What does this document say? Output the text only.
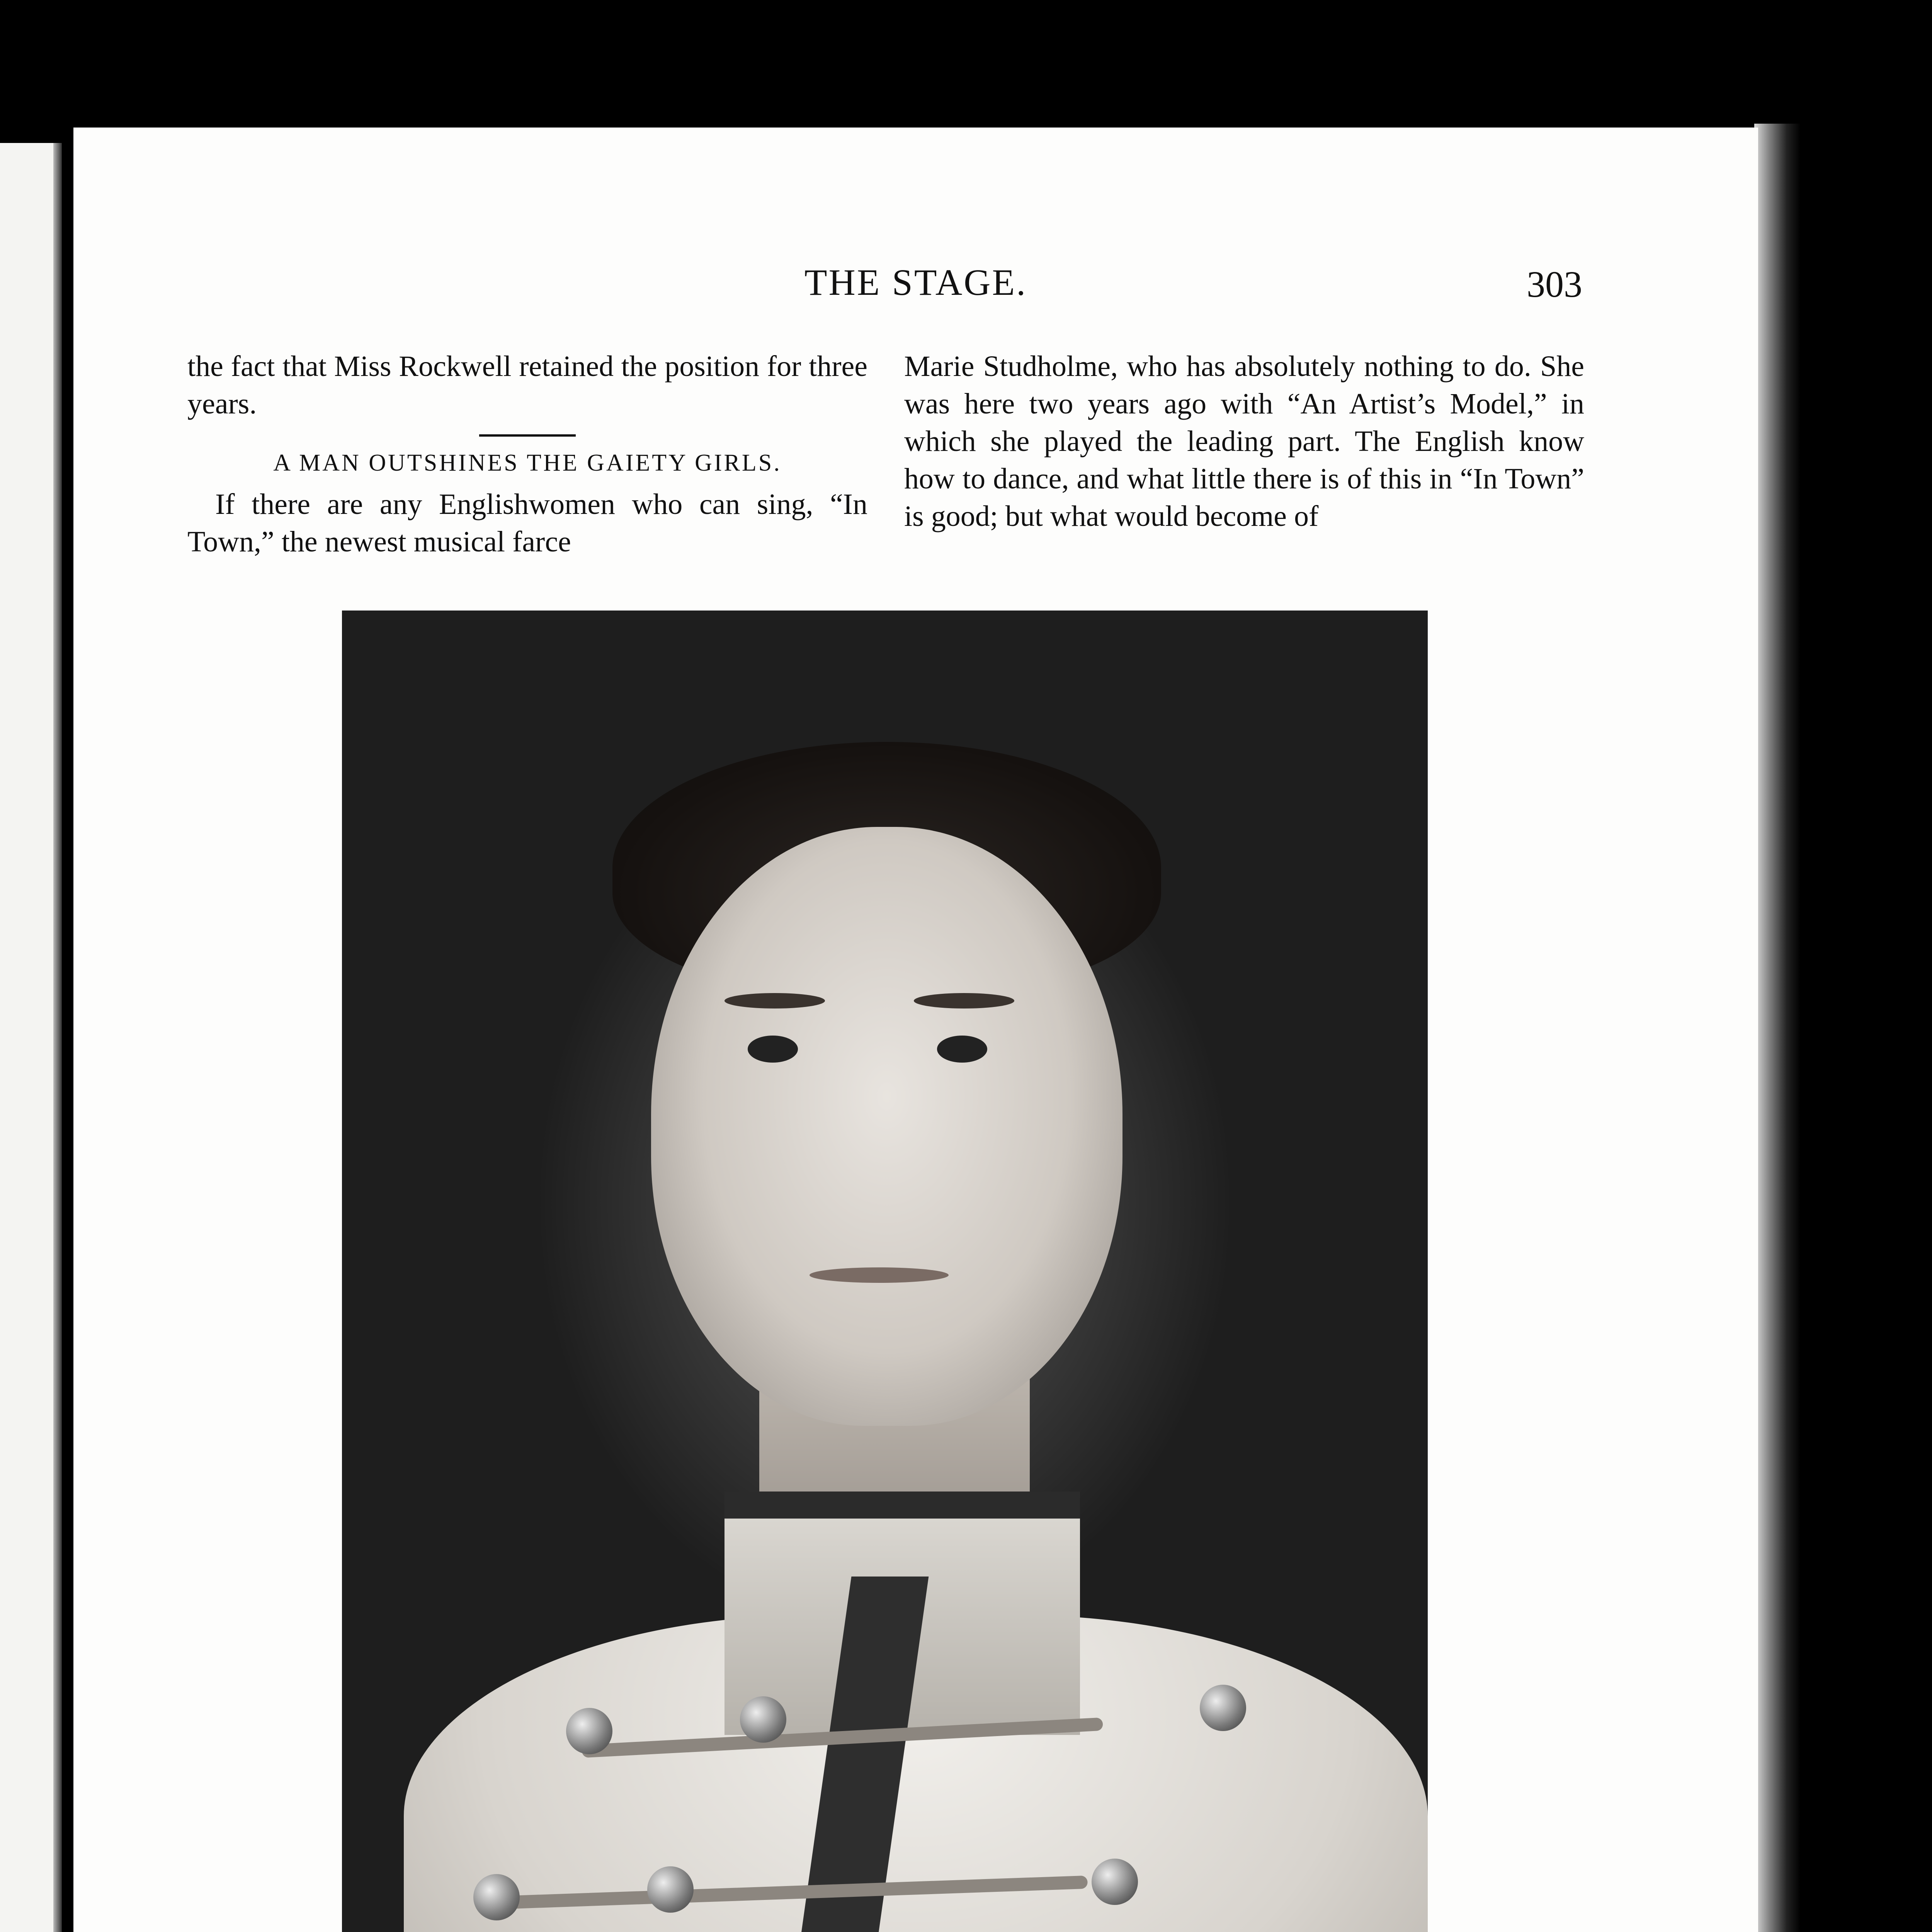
THE STAGE.	303

the fact that Miss Rockwell retained the position for three years.

A MAN OUTSHINES THE GAIETY GIRLS.

If there are any Englishwomen who can sing, “In Town,” the newest musical farce

Marie Studholme, who has absolutely nothing to do. She was here two years ago with “An Artist’s Model,” in which she played the leading part. The English know how to dance, and what little there is of this in “In Town” is good; but what would become of
